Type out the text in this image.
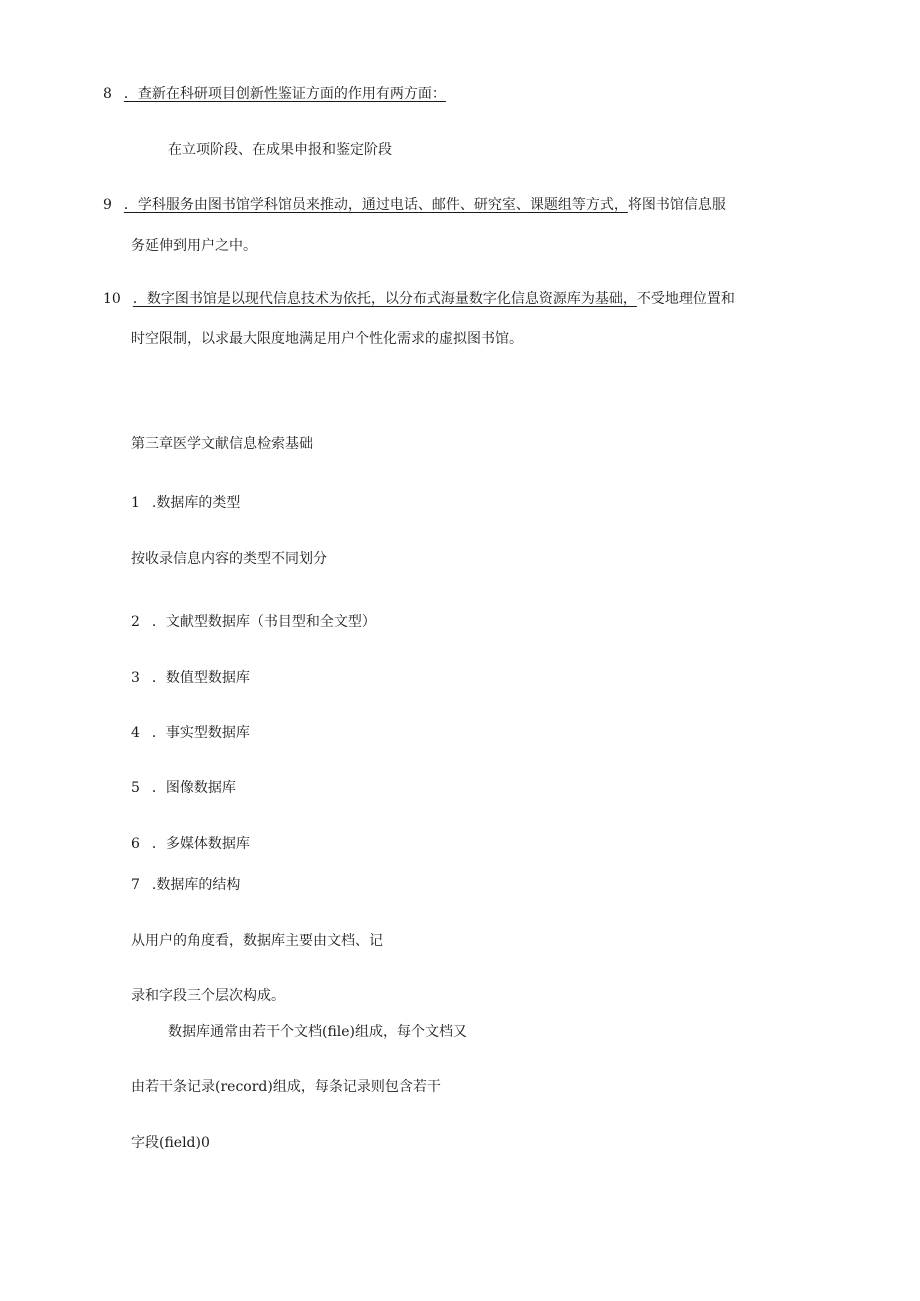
8 ．查新在科研项目创新性鉴证方面的作用有两方面：
在立项阶段、在成果申报和鉴定阶段
9 ．学科服务由图书馆学科馆员来推动，通过电话、邮件、研究室、课题组等方式，将图书馆信息服
务延伸到用户之中。
10 ．数字图书馆是以现代信息技术为依托，以分布式海量数字化信息资源库为基础，不受地理位置和
时空限制，以求最大限度地满足用户个性化需求的虚拟图书馆。
第三章医学文献信息检索基础
1 .数据库的类型
按收录信息内容的类型不同划分
2 ．文献型数据库（书目型和全文型）
3 ．数值型数据库
4 ．事实型数据库
5 ．图像数据库
6 ．多媒体数据库
7 .数据库的结构
从用户的角度看，数据库主要由文档、记
录和字段三个层次构成。
数据库通常由若干个文档(file)组成，每个文档又
由若干条记录(record)组成，每条记录则包含若干
字段(field)0
